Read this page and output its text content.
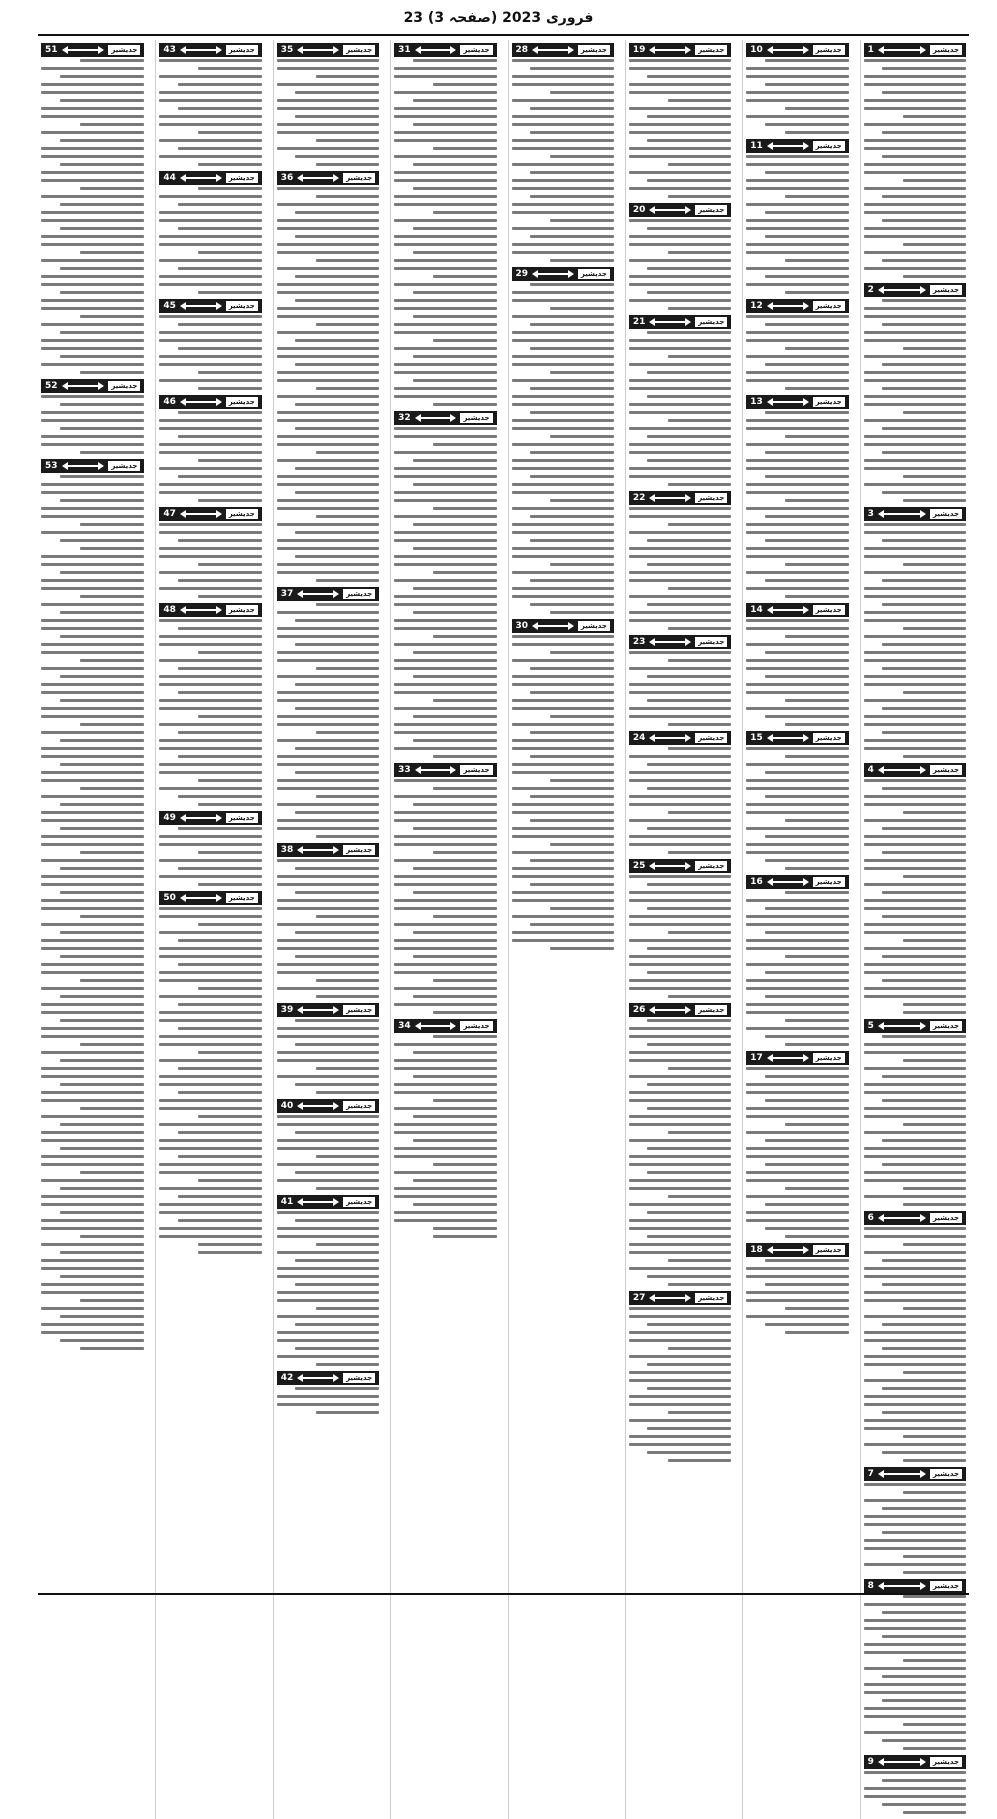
23 فروری 2023 (صفحہ 3)
1	جدیشیر
2	جدیشیر
3	جدیشیر
4	جدیشیر
5	جدیشیر
6	جدیشیر
7	جدیشیر
8	جدیشیر
9	جدیشیر
10	جدیشیر
11	جدیشیر
12	جدیشیر
13	جدیشیر
14	جدیشیر
15	جدیشیر
16	جدیشیر
17	جدیشیر
18	جدیشیر
19	جدیشیر
20	جدیشیر
21	جدیشیر
22	جدیشیر
23	جدیشیر
24	جدیشیر
25	جدیشیر
26	جدیشیر
27	جدیشیر
28	جدیشیر
29	جدیشیر
30	جدیشیر
31	جدیشیر
32	جدیشیر
33	جدیشیر
34	جدیشیر
35	جدیشیر
36	جدیشیر
37	جدیشیر
38	جدیشیر
39	جدیشیر
40	جدیشیر
41	جدیشیر
42	جدیشیر
43	جدیشیر
44	جدیشیر
45	جدیشیر
46	جدیشیر
47	جدیشیر
48	جدیشیر
49	جدیشیر
50	جدیشیر
51	جدیشیر
52	جدیشیر
53	جدیشیر
